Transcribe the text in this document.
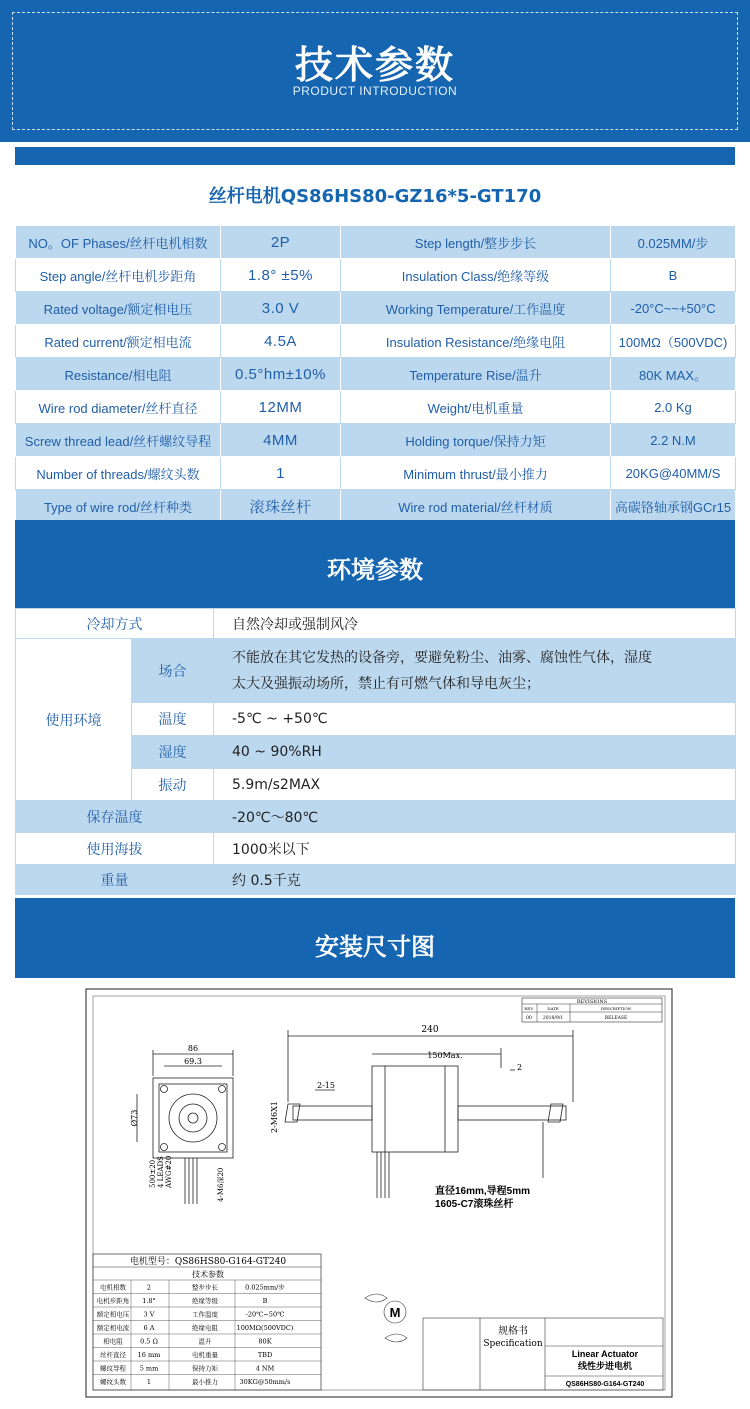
技术参数
PRODUCT INTRODUCTION
丝杆电机QS86HS80-GZ16*5-GT170
NO。OF Phases/丝杆电机相数	2P	Step length/整步步长	0.025MM/步
Step angle/丝杆电机步距角	1.8° ±5%	Insulation Class/绝缘等级	B
Rated voltage/额定相电压	3.0 V	Working Temperature/工作温度	-20°C~~+50°C
Rated current/额定相电流	4.5A	Insulation Resistance/绝缘电阻	100MΩ（500VDC)
Resistance/相电阻	0.5°hm±10%	Temperature Rise/温升	80K MAX。
Wire rod diameter/丝杆直径	12MM	Weight/电机重量	2.0 Kg
Screw thread lead/丝杆螺纹导程	4MM	Holding torque/保持力矩	2.2 N.M
Number of threads/螺纹头数	1	Minimum thrust/最小推力	20KG@40MM/S
Type of wire rod/丝杆种类	滚珠丝杆	Wire rod material/丝杆材质	高碳铬轴承钢GCr15
环境参数
冷却方式		自然冷却或强制风冷
使用环境	场合	不能放在其它发热的设备旁，要避免粉尘、油雾、腐蚀性气体，湿度
太大及强振动场所，禁止有可燃气体和导电灰尘；

	温度	-5℃ ~ +50℃
	湿度	40 ~ 90%RH
	振动	5.9m/s2MAX
保存温度		-20℃～80℃
使用海拔		1000米以下
重量		约 0.5千克
安装尺寸图
REVISIONS
REV.	DATE	DESCRIPTION
00 2018/9/1	RELEASE
86
69.3
Ø73
500±20 4 LEADS AWG#20	4-M6深20
240
150Max.
2
2-15
2-M6X1
直径16mm,导程5mm
1605-C7滚珠丝杆
电机型号：QS86HS80-G164-GT240
技术参数
电机相数	2	整步步长	0.025mm/步
电机步距角 1.8°	绝缘等级	B
额定相电压 3 V	工作温度	-20℃~50℃
额定相电流 6 A	绝缘电阻	100MΩ(500VDC)
相电阻	0.5 Ω	温升	80K
丝杆直径 16 mm	电机重量	TBD
螺纹导程 5 mm	保持力矩	4 NM
螺纹头数	1	最小推力	30KG@50mm/s
M
规格书
Specification
Linear Actuator
线性步进电机
QS86HS80-G164-GT240
